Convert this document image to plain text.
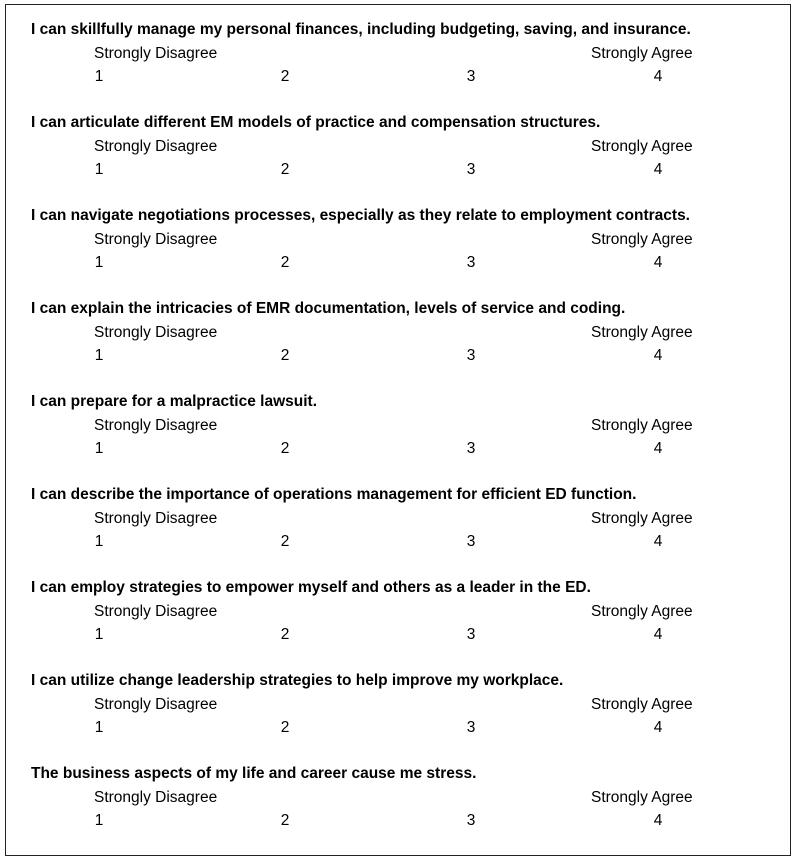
I can skillfully manage my personal finances, including budgeting, saving, and insurance.
Strongly Disagree	Strongly Agree
1	2	3	4
I can articulate different EM models of practice and compensation structures.
Strongly Disagree	Strongly Agree
1	2	3	4
I can navigate negotiations processes, especially as they relate to employment contracts.
Strongly Disagree	Strongly Agree
1	2	3	4
I can explain the intricacies of EMR documentation, levels of service and coding.
Strongly Disagree	Strongly Agree
1	2	3	4
I can prepare for a malpractice lawsuit.
Strongly Disagree	Strongly Agree
1	2	3	4
I can describe the importance of operations management for efficient ED function.
Strongly Disagree	Strongly Agree
1	2	3	4
I can employ strategies to empower myself and others as a leader in the ED.
Strongly Disagree	Strongly Agree
1	2	3	4
I can utilize change leadership strategies to help improve my workplace.
Strongly Disagree	Strongly Agree
1	2	3	4
The business aspects of my life and career cause me stress.
Strongly Disagree	Strongly Agree
1	2	3	4
